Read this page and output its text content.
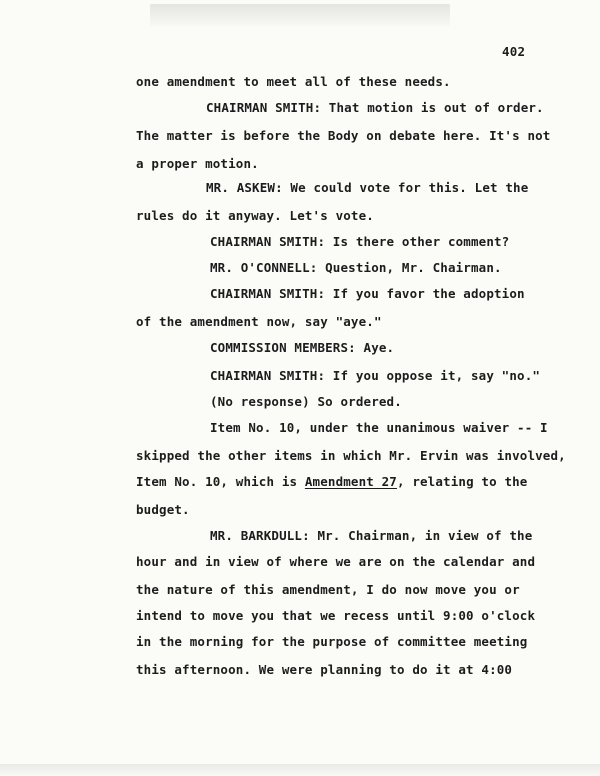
402
one amendment to meet all of these needs.
CHAIRMAN SMITH: That motion is out of order.
The matter is before the Body on debate here. It's not
a proper motion.
MR. ASKEW: We could vote for this. Let the
rules do it anyway. Let's vote.
CHAIRMAN SMITH: Is there other comment?
MR. O'CONNELL: Question, Mr. Chairman.
CHAIRMAN SMITH: If you favor the adoption
of the amendment now, say "aye."
COMMISSION MEMBERS: Aye.
CHAIRMAN SMITH: If you oppose it, say "no."
(No response) So ordered.
Item No. 10, under the unanimous waiver -- I
skipped the other items in which Mr. Ervin was involved,
Item No. 10, which is Amendment 27, relating to the
budget.
MR. BARKDULL: Mr. Chairman, in view of the
hour and in view of where we are on the calendar and
the nature of this amendment, I do now move you or
intend to move you that we recess until 9:00 o'clock
in the morning for the purpose of committee meeting
this afternoon. We were planning to do it at 4:00
